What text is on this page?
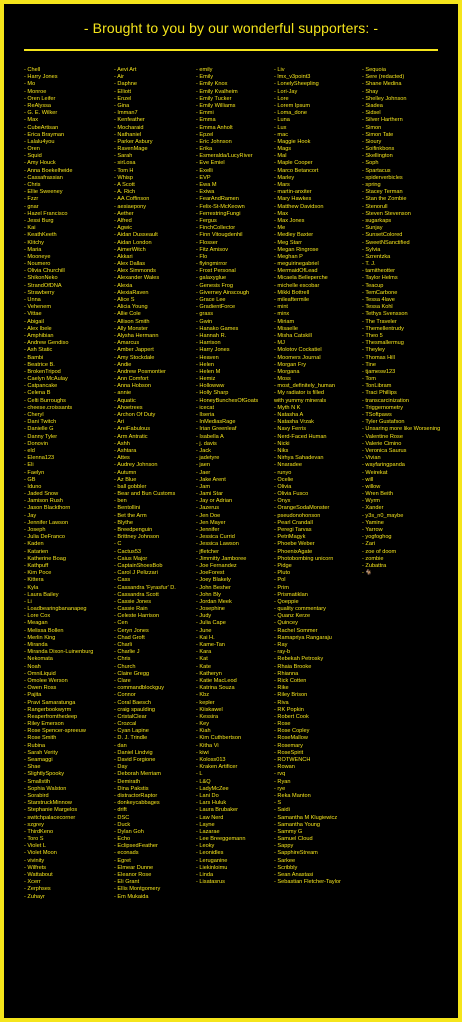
- Brought to you by our wonderful supporters: -
- Chell
- Harry Jones
- Mo
- Monroe
- Oren Leifer
- ReAlyssa
- G. E. Wilker
- Max
- CubeArtisan
- Erica Brayman
- Lalalu4you
- Oren
- Squid
- Amy Houck
- Anna Boekelheide
- Cassafrassian
- Chris
- Ellie Sweeney
- Fzzr
- gnar
- Hazel Francisco
- Jessi Burg
- Kai
- KeathKeeth
- Klitchy
- Maria
- Mooneye
- Noumero
- Olivia Churchill
- ShikonNeko
- StrandOfDNA
- Strawberry
- Unna
- Vehenem
- Vittae
- Abigail
- Alex Ibele
- Amphibian
- Andrew Gendiso
- Ash Static
- Bambi
- Beatrice B.
- BrokenTripod
- Caelyn McAulay
- Catpancake
- Celena B
- Celti Burroughs
- cheese.croissants
- Cheryl
- Dani Twitch
- Danielle G
- Danny Tyler
- Donovin
- eld
- Elenna123
- Eli
- Faelyn
- GB
- Iduno
- Jaded Snow
- Jamison Rush
- Jason Blackthorn
- Jay
- Jennifer Lawson
- Joseph
- Julia DeFranco
- Kaden
- Katarien
- Katherine Boag
- Kathpuff
- Kim Poce
- Kittera
- Kyla
- Laura Bailey
- Li
- Loadbearingbananapeg
- Lore Cox
- Meagan
- Melissa Bollen
- Merlin King
- Miranda
- Miranda Dixon-Luinenburg
- Nekomata
- Noah
- OmniLiquid
- Omolee Werson
- Owen Ross
- Pajita
- Pravi Samaratunga
- Rangerbookwyrm
- Reaperfromthedeep
- Riley Emerson
- Rose Spencer-spreeuw
- Rose Smith
- Rubina
- Sarah Verity
- Seamaggi
- Shae
- SlightlySpooky
- Smallstih
- Sophia Walston
- Sorabird
- StarstruckMinnow
- Stephanie Margelos
- switchpalacecorner
- szgrey
- ThirdKeno
- Toro S
- Violet L
- Violet Moon
- vivinity
- Wilfrets
- Wattabout
- Xcerr
- Zerphses
- Zuhayr
- Aevi Art
- Air
- Daphne
- Elliott
- Enzel
- Gina
- Imman7
- Kenfeather
- Mocharaid
- Nathaniel
- Parker Asbury
- RavenMage
- Sarah
- sirLosa
- Tom H
- Whisp
- A Scott
- A. Rich
- AA Coffinson
- aesiaepony
- Aether
- Alfred
- Agwic
- Aidan Dusseault
- Aidan London
- AimerWitch
- Akkari
- Alex Dallas
- Alex Simmonds
- Alexander Wales
- Alexia
- AlexiaRaven
- Alice S
- Alicia Young
- Allie Cole
- Allison Smith
- Ally Monster
- Alysha Hermann
- Amarcus
- Amber Jappert
- Amy Stockdale
- Andie
- Andrew Posmontier
- Ann Comfort
- Anna Hobson
- annie
- Aquatic
- Ahoetrees
- Archon Of Duty
- Ari
- AreiFabulous
- Arm Antratic
- Ashh
- Ashtara
- Attes
- Audrey Johnson
- Autumn
- Az Blue
- ball gobbler
- Bear and Bun Customs
- ben
- Bentollini
- Bet the Arm
- Blythe
- Breedpenguin
- Brittney Johnson
- C
- Cactus53
- Caius Major
- CaptainShoesBob
- Carol J Pelizzari
- Cass
- Cassandra 'Fyrasfur' D.
- Cassandra Scott
- Cassie Jones
- Cassie Rain
- Celeste Harrison
- Cen
- Ceryn Jones
- Chad Groft
- Charli
- Charlie J
- Chris
- Church
- Claire Gregg
- Clare
- commandblockguy
- Connor
- Coral Baesch
- craig spaulding
- CristalClear
- Crozcal
- Cyan Lapine
- D. J. Trindle
- dan
- Daniel Lindvig
- David Forgione
- Day
- Deborah Merriam
- Demirath
- Dina Pakstis
- distractorRaptor
- donkeycabbages
- drift
- DSC
- Duck
- Dylan Goh
- Echo
- EclipsedFeather
- econads
- Egret
- Elmear Dunne
- Eleanor Rose
- Eli Grant
- Ellis Montgomery
- Em Mukaida
- emily
- Emily
- Emily Knox
- Emily Kvalheim
- Emily Tucker
- Emily Williams
- Emmi
- Emma
- Emma Anholt
- Epzel
- Eric Johnson
- Erika
- Esmeralda/LucyRiver
- Eve Emiel
- Exelli
- EVP
- Ewa M
- Exiwa
- FearAndRamen
- Felix-St-McKeown
- FerrestringFungi
- Fergus
- FinchCollector
- Finn Vitougdenhil
- Flosser
- Fitz Amisov
- Flo
- flyingmirror
- Frost Personal
- galaxyglue
- Genesis Frog
- Giverney Ainscough
- Grace Lee
- GradientForce
- grass
- Gwin
- Hanako Games
- Hannah R.
- Harrison
- Harry Jones
- Heaven
- Helen
- Helen M
- Hemiz
- Hollowww
- Holly Sharp
- HoneyBunchesOfGoats
- icecat
- Ilseria
- InMediasRage
- Irian Greenleaf
- Isabella A
- j. davis
- Jack
- jadetyre
- jaen
- Jaer
- Jake Arent
- Jam
- Jami Star
- Jay or Adrian
- Jazerus
- Jen Doe
- Jen Mayer
- Jennifer
- Jessica Currid
- Jessica Lawson
- jfletcher
- Jimmitty Jamboree
- Joe Fernandez
- JoeForest
- Joey Blakely
- John Besher
- John Bly
- Jordan Meek
- Josephine
- Judy
- Julia Cape
- June
- Kai H.
- Kame-Tan
- Kara
- Kat
- Kate
- Katheryn
- Katie MacLeod
- Katrina Souza
- Kbz
- kepler
- Kiiskawel
- Kessira
- Key
- Kiah
- Kim Cuthbertson
- Kitha Vi
- kiwi
- Koloss013
- Kraken Artificer
- L
- L&Q
- LadyMcZee
- Lani Do
- Lars Huluk
- Laura Brubaker
- Law Nerd
- Layne
- Lazarae
- Lee Breeggemann
- Leoky
- Leonidles
- Leruganine
- Liekinloimu
- Linda
- Lisatasrus
- Liv
- lmx_v3point3
- LonelySheepling
- Lori-Jay
- Lore
- Lorem Ipsum
- Loma_done
- Luna
- Lux
- mac
- Maggie Hook
- Mags
- Mal
- Maple Cooper
- Marco Betancort
- Marley
- Mars
- martin-anxiter
- Mary Hawkes
- Matthew Davidson
- Max
- Max Jones
- Me
- Medley Baxter
- Meg Starr
- Megan Ringrose
- Meghan P
- meguirinegabriel
- MermaidOfLead
- Micaela Belleperche
- michelle escobar
- Mikki Bottrell
- mileaftermile
- mint
- minx
- Miriam
- Misaelle
- Misha Catskill
- MJ
- Molotov Cockatiel
- Moomers Journal
- Morgan Fry
- Morgana
- Moss
- most_definitely_human
- My radiator is filled
with yummy minerals
- Myth N K
- Natasha A
- Natasha Vrzak
- Navy Ferris
- Nerd-Faced Human
- Nicki
- Niks
- Nirhya Sahadevan
- Nnaradee
- runyo
- Ocelie
- Olivia
- Olivia Fusco
- Onyx
- OrangeSodaMonster
- pseudonohonson
- Pearl Crandall
- Peregi Tarvas
- PetriMagyk
- Phoebe Weber
- PhoenixAgate
- Photobombing unicorn
- Pidge
- Pluto
- Pol
- Prim
- Prismatiklan
- Qoeppie
- quality commentary
- Quanz Kerze
- Quincey
- Rachel Sommer
- Ramapriya Rangaraju
- Ray
- ray-b
- Rebekah Petrosky
- Rhaia Brooke
- Rhianna
- Rick Cotten
- Rike
- Riley Brison
- Riva
- RK Popkin
- Robert Cook
- Rose
- Rose Copley
- RoseMallow
- Rosemary
- RoseSpirit
- ROTWENCH
- Rowan
- rvq
- Ryan
- rye
- Reka Manton
- S
- Saidi
- Samantha M Klugiewicz
- Samantha Young
- Sammy G
- Samuel Cloud
- Sappy
- SapphireStream
- Sarkee
- Scribbly
- Sean Anastasi
- Sebastian Fletcher-Taylor
- Sequoia
- Sere (redacted)
- Shane Medina
- Shay
- Shelley Johnson
- Siadea
- Sidsel
- Silver Harthern
- Simon
- Simon Tate
- Sioury
- Soifinkbons
- Skellington
- Soph
- Spartacus
- spiderverbicles
- spring
- Stacey Terman
- Stan the Zombie
- Stenorull
- Steven Stevenson
- sugarkaps
- Sunjay
- SunsetColored
- SweetNSanctified
- Sylvia
- Szrentzka
- T. J.
- tamitheotter
- Taylor Helms
- Teacup
- TemCarbone
- Tessa 4lave
- Tessa Kohl
- Tethys Svensson
- The Traveler
- Themellentrudy
- Theo 5
- Thesmallermug
- Theyley
- Thomas Hill
- Tine
- tjamesw123
- Tom
- TonLibram
- Traci Phillips
- transcarcinization
- Triggernometry
- TSoftpaws
- Tyler Gustafson
- Unsaring more like Worsening
- Valentine Rose
- Valerie Cimino
- Veronica Saurus
- Vivian
- wayfaringpanda
- Weirekat
- will
- willow
- Wren Beith
- Wyrm
- Xander
- y3s_n0_maybe
- Yamine
- Yarrow
- yogfoghog
- Zari
- zoe of doom
- zombie
- Zubattra
- 🐐
